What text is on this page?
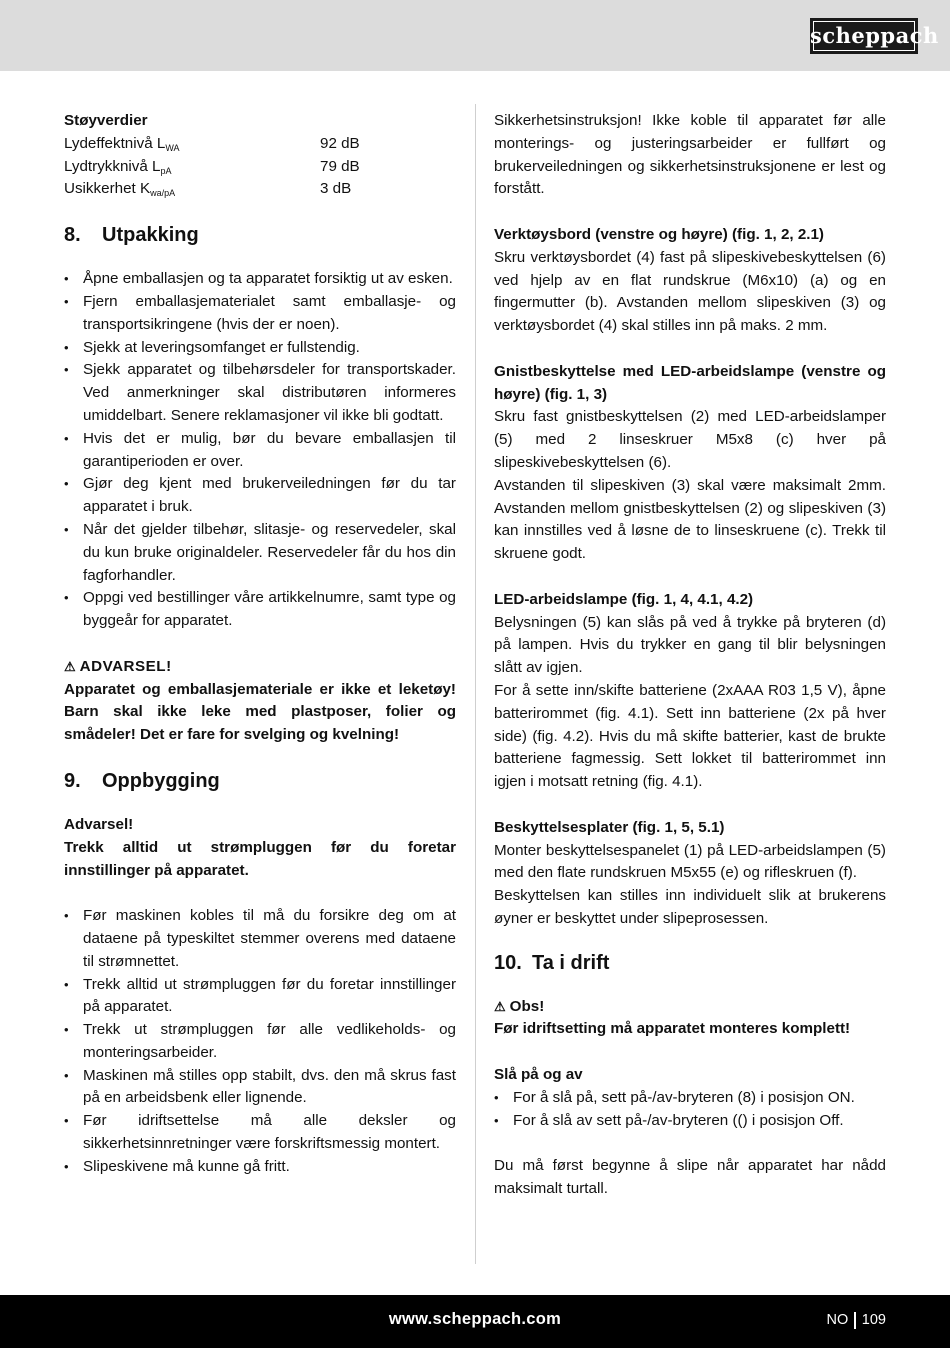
scheppach
Støyverdier
Lydeffektnivå $L_{WA}$	92 dB
Lydtrykknivå $L_{pA}$	79 dB
Usikkerhet $K_{wa/pA}$	3 dB
8.	Utpakking
• Åpne emballasjen og ta apparatet forsiktig ut av esken.
• Fjern emballasjematerialet samt emballasje- og transportsikringene (hvis der er noen).
• Sjekk at leveringsomfanget er fullstendig.
• Sjekk apparatet og tilbehørsdeler for transportskader. Ved anmerkninger skal distributøren informeres umiddelbart. Senere reklamasjoner vil ikke bli godtatt.
• Hvis det er mulig, bør du bevare emballasjen til garantiperioden er over.
• Gjør deg kjent med brukerveiledningen før du tar apparatet i bruk.
• Når det gjelder tilbehør, slitasje- og reservedeler, skal du kun bruke originaldeler. Reservedeler får du hos din fagforhandler.
• Oppgi ved bestillinger våre artikkelnumre, samt type og byggeår for apparatet.
⚠ ADVARSEL!

Apparatet og emballasjemateriale er ikke et leketøy! Barn skal ikke leke med plastposer, folier og smådeler! Det er fare for svelging og kvelning!

9.	Oppbygging
Advarsel!

Trekk alltid ut strømpluggen før du foretar innstillinger på apparatet.

• Før maskinen kobles til må du forsikre deg om at dataene på typeskiltet stemmer overens med dataene til strømnettet.
• Trekk alltid ut strømpluggen før du foretar innstillinger på apparatet.
• Trekk ut strømpluggen før alle vedlikeholds- og monteringsarbeider.
• Maskinen må stilles opp stabilt, dvs. den må skrus fast på en arbeidsbenk eller lignende.
• Før idriftsettelse må alle deksler og sikkerhetsinnretninger være forskriftsmessig montert.
• Slipeskivene må kunne gå fritt.

Sikkerhetsinstruksjon! Ikke koble til apparatet før alle monterings- og justeringsarbeider er fullført og brukerveiledningen og sikkerhetsinstruksjonene er lest og forstått.

Verktøysbord (venstre og høyre) (fig. 1, 2, 2.1)

Skru verktøysbordet (4) fast på slipeskivebeskyttelsen (6) ved hjelp av en flat rundskrue (M6x10) (a) og en fingermutter (b). Avstanden mellom slipeskiven (3) og verktøysbordet (4) skal stilles inn på maks. 2 mm.

Gnistbeskyttelse med LED-arbeidslampe (venstre og høyre) (fig. 1, 3)

Skru fast gnistbeskyttelsen (2) med LED-arbeidslamper (5) med 2 linseskruer M5x8 (c) hver på slipeskivebeskyttelsen (6).

Avstanden til slipeskiven (3) skal være maksimalt 2mm. Avstanden mellom gnistbeskyttelsen (2) og slipeskiven (3) kan innstilles ved å løsne de to linseskruene (c). Trekk til skruene godt.

LED-arbeidslampe (fig. 1, 4, 4.1, 4.2)

Belysningen (5) kan slås på ved å trykke på bryteren (d) på lampen. Hvis du trykker en gang til blir belysningen slått av igjen.

For å sette inn/skifte batteriene (2xAAA R03 1,5 V), åpne batterirommet (fig. 4.1). Sett inn batteriene (2x på hver side) (fig. 4.2). Hvis du må skifte batterier, kast de brukte batteriene fagmessig. Sett lokket til batterirommet inn igjen i motsatt retning (fig. 4.1).

Beskyttelsesplater (fig. 1, 5, 5.1)

Monter beskyttelsespanelet (1) på LED-arbeidslampen (5) med den flate rundskruen M5x55 (e) og rifleskruen (f).

Beskyttelsen kan stilles inn individuelt slik at brukerens øyner er beskyttet under slipeprosessen.

10. Ta i drift
⚠ Obs!
Før idriftsetting må apparatet monteres komplett!
Slå på og av
• For å slå på, sett på-/av-bryteren (8) i posisjon ON.
• For å slå av sett på-/av-bryteren (() i posisjon Off.

Du må først begynne å slipe når apparatet har nådd maksimalt turtall.

www.scheppach.com	NO 109
